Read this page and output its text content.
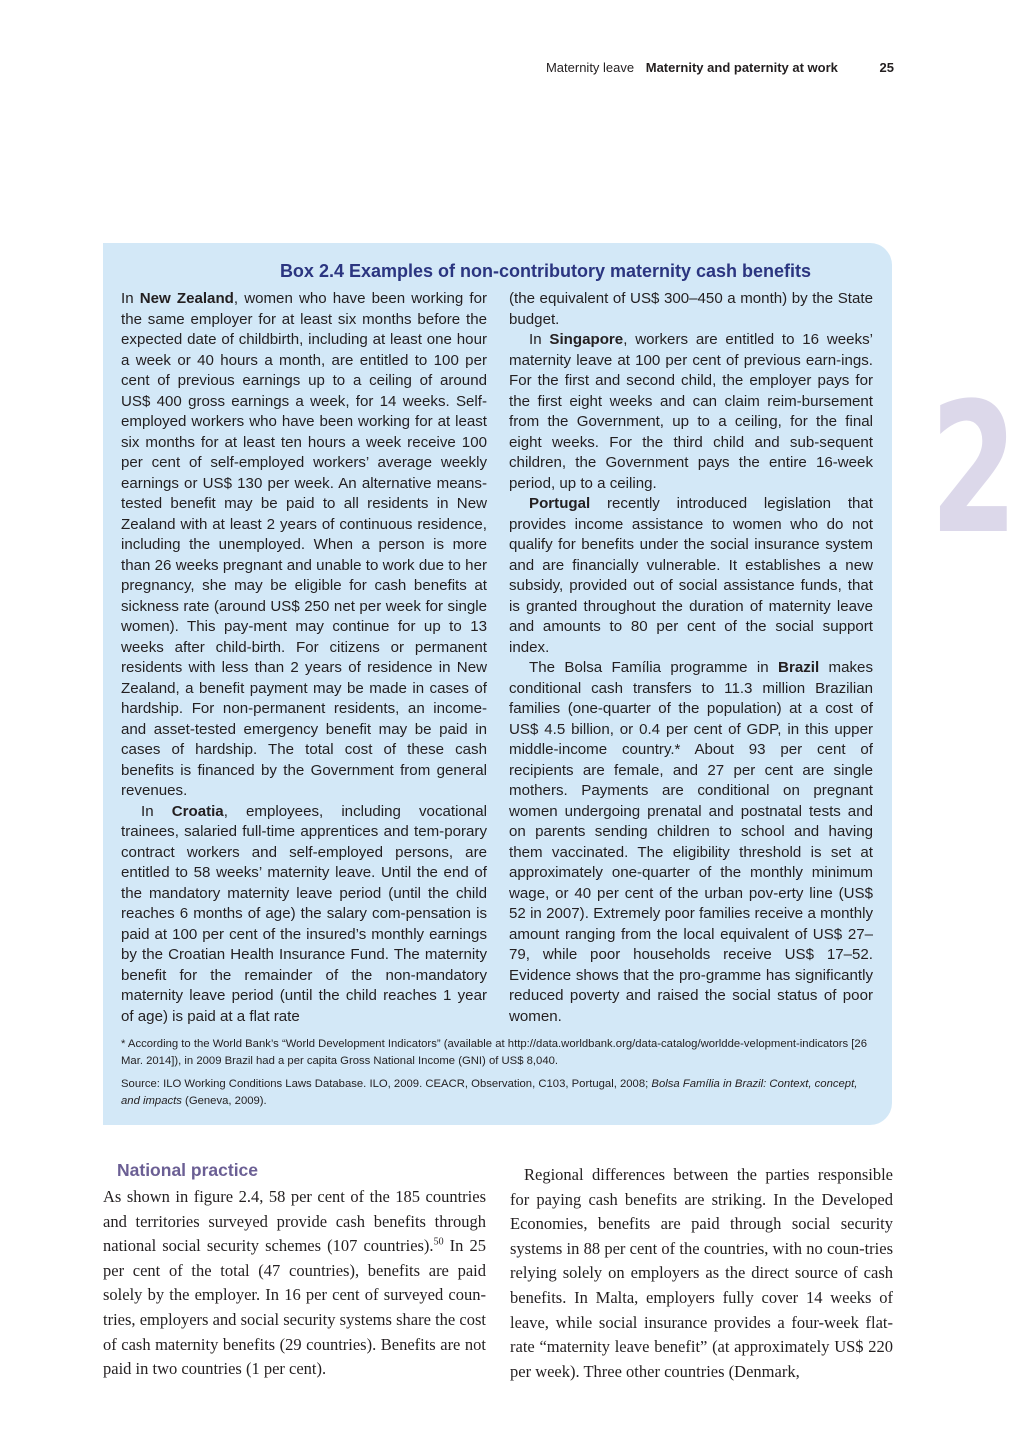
Maternity leave Maternity and paternity at work	25
2
Box 2.4 Examples of non-contributory maternity cash benefits

In New Zealand, women who have been working for the same employer for at least six months before the expected date of childbirth, including at least one hour a week or 40 hours a month, are entitled to 100 per cent of previous earnings up to a ceiling of around US$ 400 gross earnings a week, for 14 weeks. Self-employed workers who have been working for at least six months for at least ten hours a week receive 100 per cent of self-employed workers’ average weekly earnings or US$ 130 per week. An alternative means-tested benefit may be paid to all residents in New Zealand with at least 2 years of continuous residence, including the unemployed. When a person is more than 26 weeks pregnant and unable to work due to her pregnancy, she may be eligible for cash benefits at sickness rate (around US$ 250 net per week for single women). This pay-ment may continue for up to 13 weeks after child-birth. For citizens or permanent residents with less than 2 years of residence in New Zealand, a benefit payment may be made in cases of hardship. For non-permanent residents, an income- and asset-tested emergency benefit may be paid in cases of hardship. The total cost of these cash benefits is financed by the Government from general revenues.

In Croatia, employees, including vocational trainees, salaried full-time apprentices and tem-porary contract workers and self-employed persons, are entitled to 58 weeks’ maternity leave. Until the end of the mandatory maternity leave period (until the child reaches 6 months of age) the salary com-pensation is paid at 100 per cent of the insured’s monthly earnings by the Croatian Health Insurance Fund. The maternity benefit for the remainder of the non-mandatory maternity leave period (until the child reaches 1 year of age) is paid at a flat rate

(the equivalent of US$ 300–450 a month) by the State budget.

In Singapore, workers are entitled to 16 weeks’ maternity leave at 100 per cent of previous earn-ings. For the first and second child, the employer pays for the first eight weeks and can claim reim-bursement from the Government, up to a ceiling, for the final eight weeks. For the third child and sub-sequent children, the Government pays the entire 16-week period, up to a ceiling.

Portugal recently introduced legislation that provides income assistance to women who do not qualify for benefits under the social insurance system and are financially vulnerable. It establishes a new subsidy, provided out of social assistance funds, that is granted throughout the duration of maternity leave and amounts to 80 per cent of the social support index.

The Bolsa Família programme in Brazil makes conditional cash transfers to 11.3 million Brazilian families (one-quarter of the population) at a cost of US$ 4.5 billion, or 0.4 per cent of GDP, in this upper middle-income country.* About 93 per cent of recipients are female, and 27 per cent are single mothers. Payments are conditional on pregnant women undergoing prenatal and postnatal tests and on parents sending children to school and having them vaccinated. The eligibility threshold is set at approximately one-quarter of the monthly minimum wage, or 40 per cent of the urban pov-erty line (US$ 52 in 2007). Extremely poor families receive a monthly amount ranging from the local equivalent of US$ 27–79, while poor households receive US$ 17–52. Evidence shows that the pro-gramme has significantly reduced poverty and raised the social status of poor women.

* According to the World Bank’s “World Development Indicators” (available at http://data.worldbank.org/data-catalog/worldde-velopment-indicators [26 Mar. 2014]), in 2009 Brazil had a per capita Gross National Income (GNI) of US$ 8,040.
Source: ILO Working Conditions Laws Database. ILO, 2009. CEACR, Observation, C103, Portugal, 2008; Bolsa Família in Brazil: Context, concept, and impacts (Geneva, 2009).
National practice

As shown in figure 2.4, 58 per cent of the 185 countries and territories surveyed provide cash benefits through national social security schemes (107 countries).$^{50}$ In 25 per cent of the total (47 countries), benefits are paid solely by the employer. In 16 per cent of surveyed coun-tries, employers and social security systems share the cost of cash maternity benefits (29 countries). Benefits are not paid in two countries (1 per cent).

Regional differences between the parties responsible for paying cash benefits are striking. In the Developed Economies, benefits are paid through social security systems in 88 per cent of the countries, with no coun-tries relying solely on employers as the direct source of cash benefits. In Malta, employers fully cover 14 weeks of leave, while social insurance provides a four-week flat-rate “maternity leave benefit” (at approximately US$ 220 per week). Three other countries (Denmark,
